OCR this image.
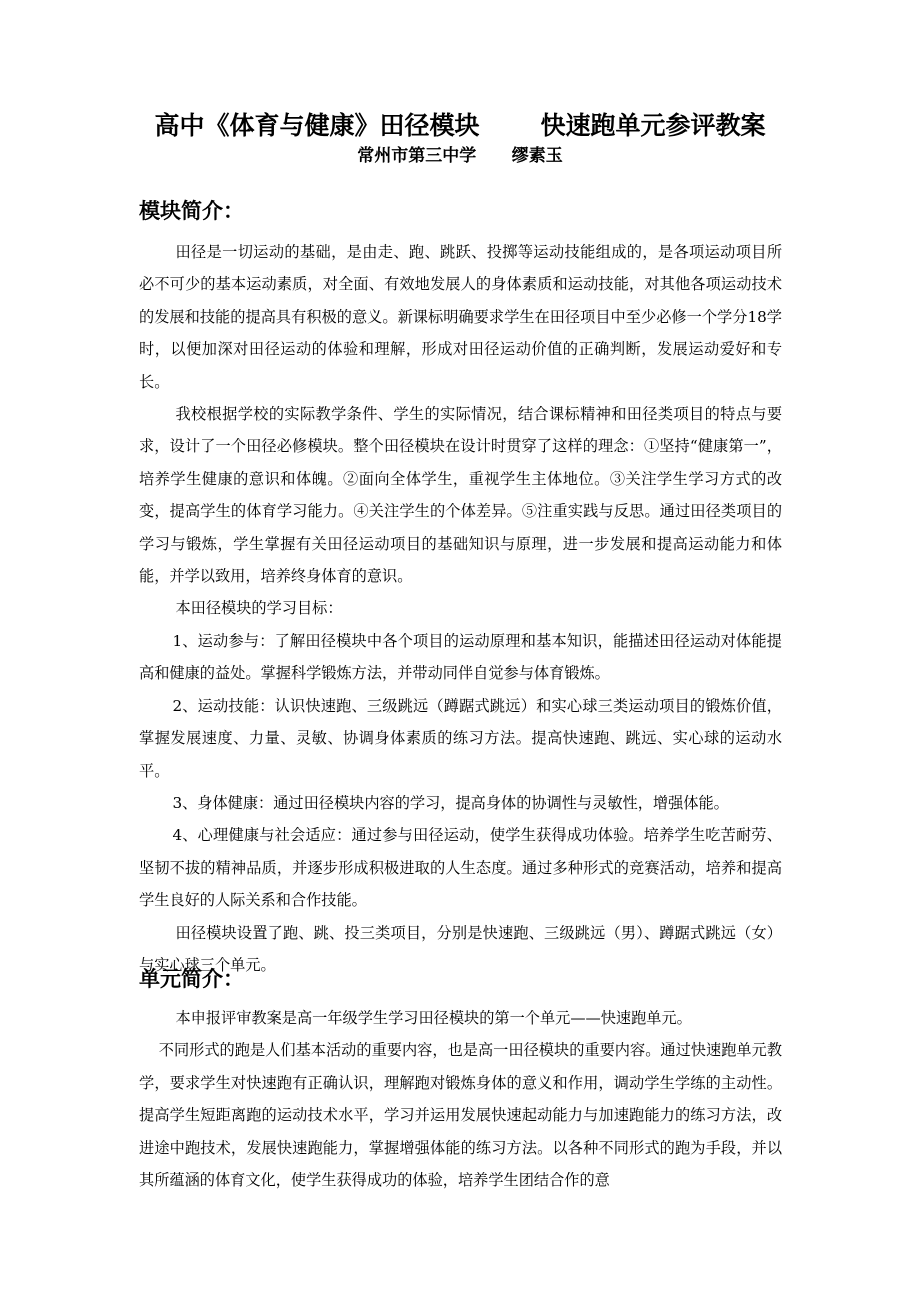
高中《体育与健康》田径模块       快速跑单元参评教案
常州市第三中学      缪素玉
模块简介：

田径是一切运动的基础，是由走、跑、跳跃、投掷等运动技能组成的，是各项运动项目所必不可少的基本运动素质，对全面、有效地发展人的身体素质和运动技能，对其他各项运动技术的发展和技能的提高具有积极的意义。新课标明确要求学生在田径项目中至少必修一个学分18学时，以便加深对田径运动的体验和理解，形成对田径运动价值的正确判断，发展运动爱好和专长。

我校根据学校的实际教学条件、学生的实际情况，结合课标精神和田径类项目的特点与要求，设计了一个田径必修模块。整个田径模块在设计时贯穿了这样的理念：①坚持“健康第一”，培养学生健康的意识和体魄。②面向全体学生，重视学生主体地位。③关注学生学习方式的改变，提高学生的体育学习能力。④关注学生的个体差异。⑤注重实践与反思。通过田径类项目的学习与锻炼，学生掌握有关田径运动项目的基础知识与原理，进一步发展和提高运动能力和体能，并学以致用，培养终身体育的意识。

本田径模块的学习目标：

1、运动参与：了解田径模块中各个项目的运动原理和基本知识，能描述田径运动对体能提高和健康的益处。掌握科学锻炼方法，并带动同伴自觉参与体育锻炼。

2、运动技能：认识快速跑、三级跳远（蹲踞式跳远）和实心球三类运动项目的锻炼价值，掌握发展速度、力量、灵敏、协调身体素质的练习方法。提高快速跑、跳远、实心球的运动水平。

3、身体健康：通过田径模块内容的学习，提高身体的协调性与灵敏性，增强体能。

4、心理健康与社会适应：通过参与田径运动，使学生获得成功体验。培养学生吃苦耐劳、坚韧不拔的精神品质，并逐步形成积极进取的人生态度。通过多种形式的竞赛活动，培养和提高学生良好的人际关系和合作技能。

田径模块设置了跑、跳、投三类项目，分别是快速跑、三级跳远（男）、蹲踞式跳远（女）与实心球三个单元。

单元简介：

本申报评审教案是高一年级学生学习田径模块的第一个单元——快速跑单元。

不同形式的跑是人们基本活动的重要内容，也是高一田径模块的重要内容。通过快速跑单元教学，要求学生对快速跑有正确认识，理解跑对锻炼身体的意义和作用，调动学生学练的主动性。提高学生短距离跑的运动技术水平，学习并运用发展快速起动能力与加速跑能力的练习方法，改进途中跑技术，发展快速跑能力，掌握增强体能的练习方法。以各种不同形式的跑为手段，并以其所蕴涵的体育文化，使学生获得成功的体验，培养学生团结合作的意
